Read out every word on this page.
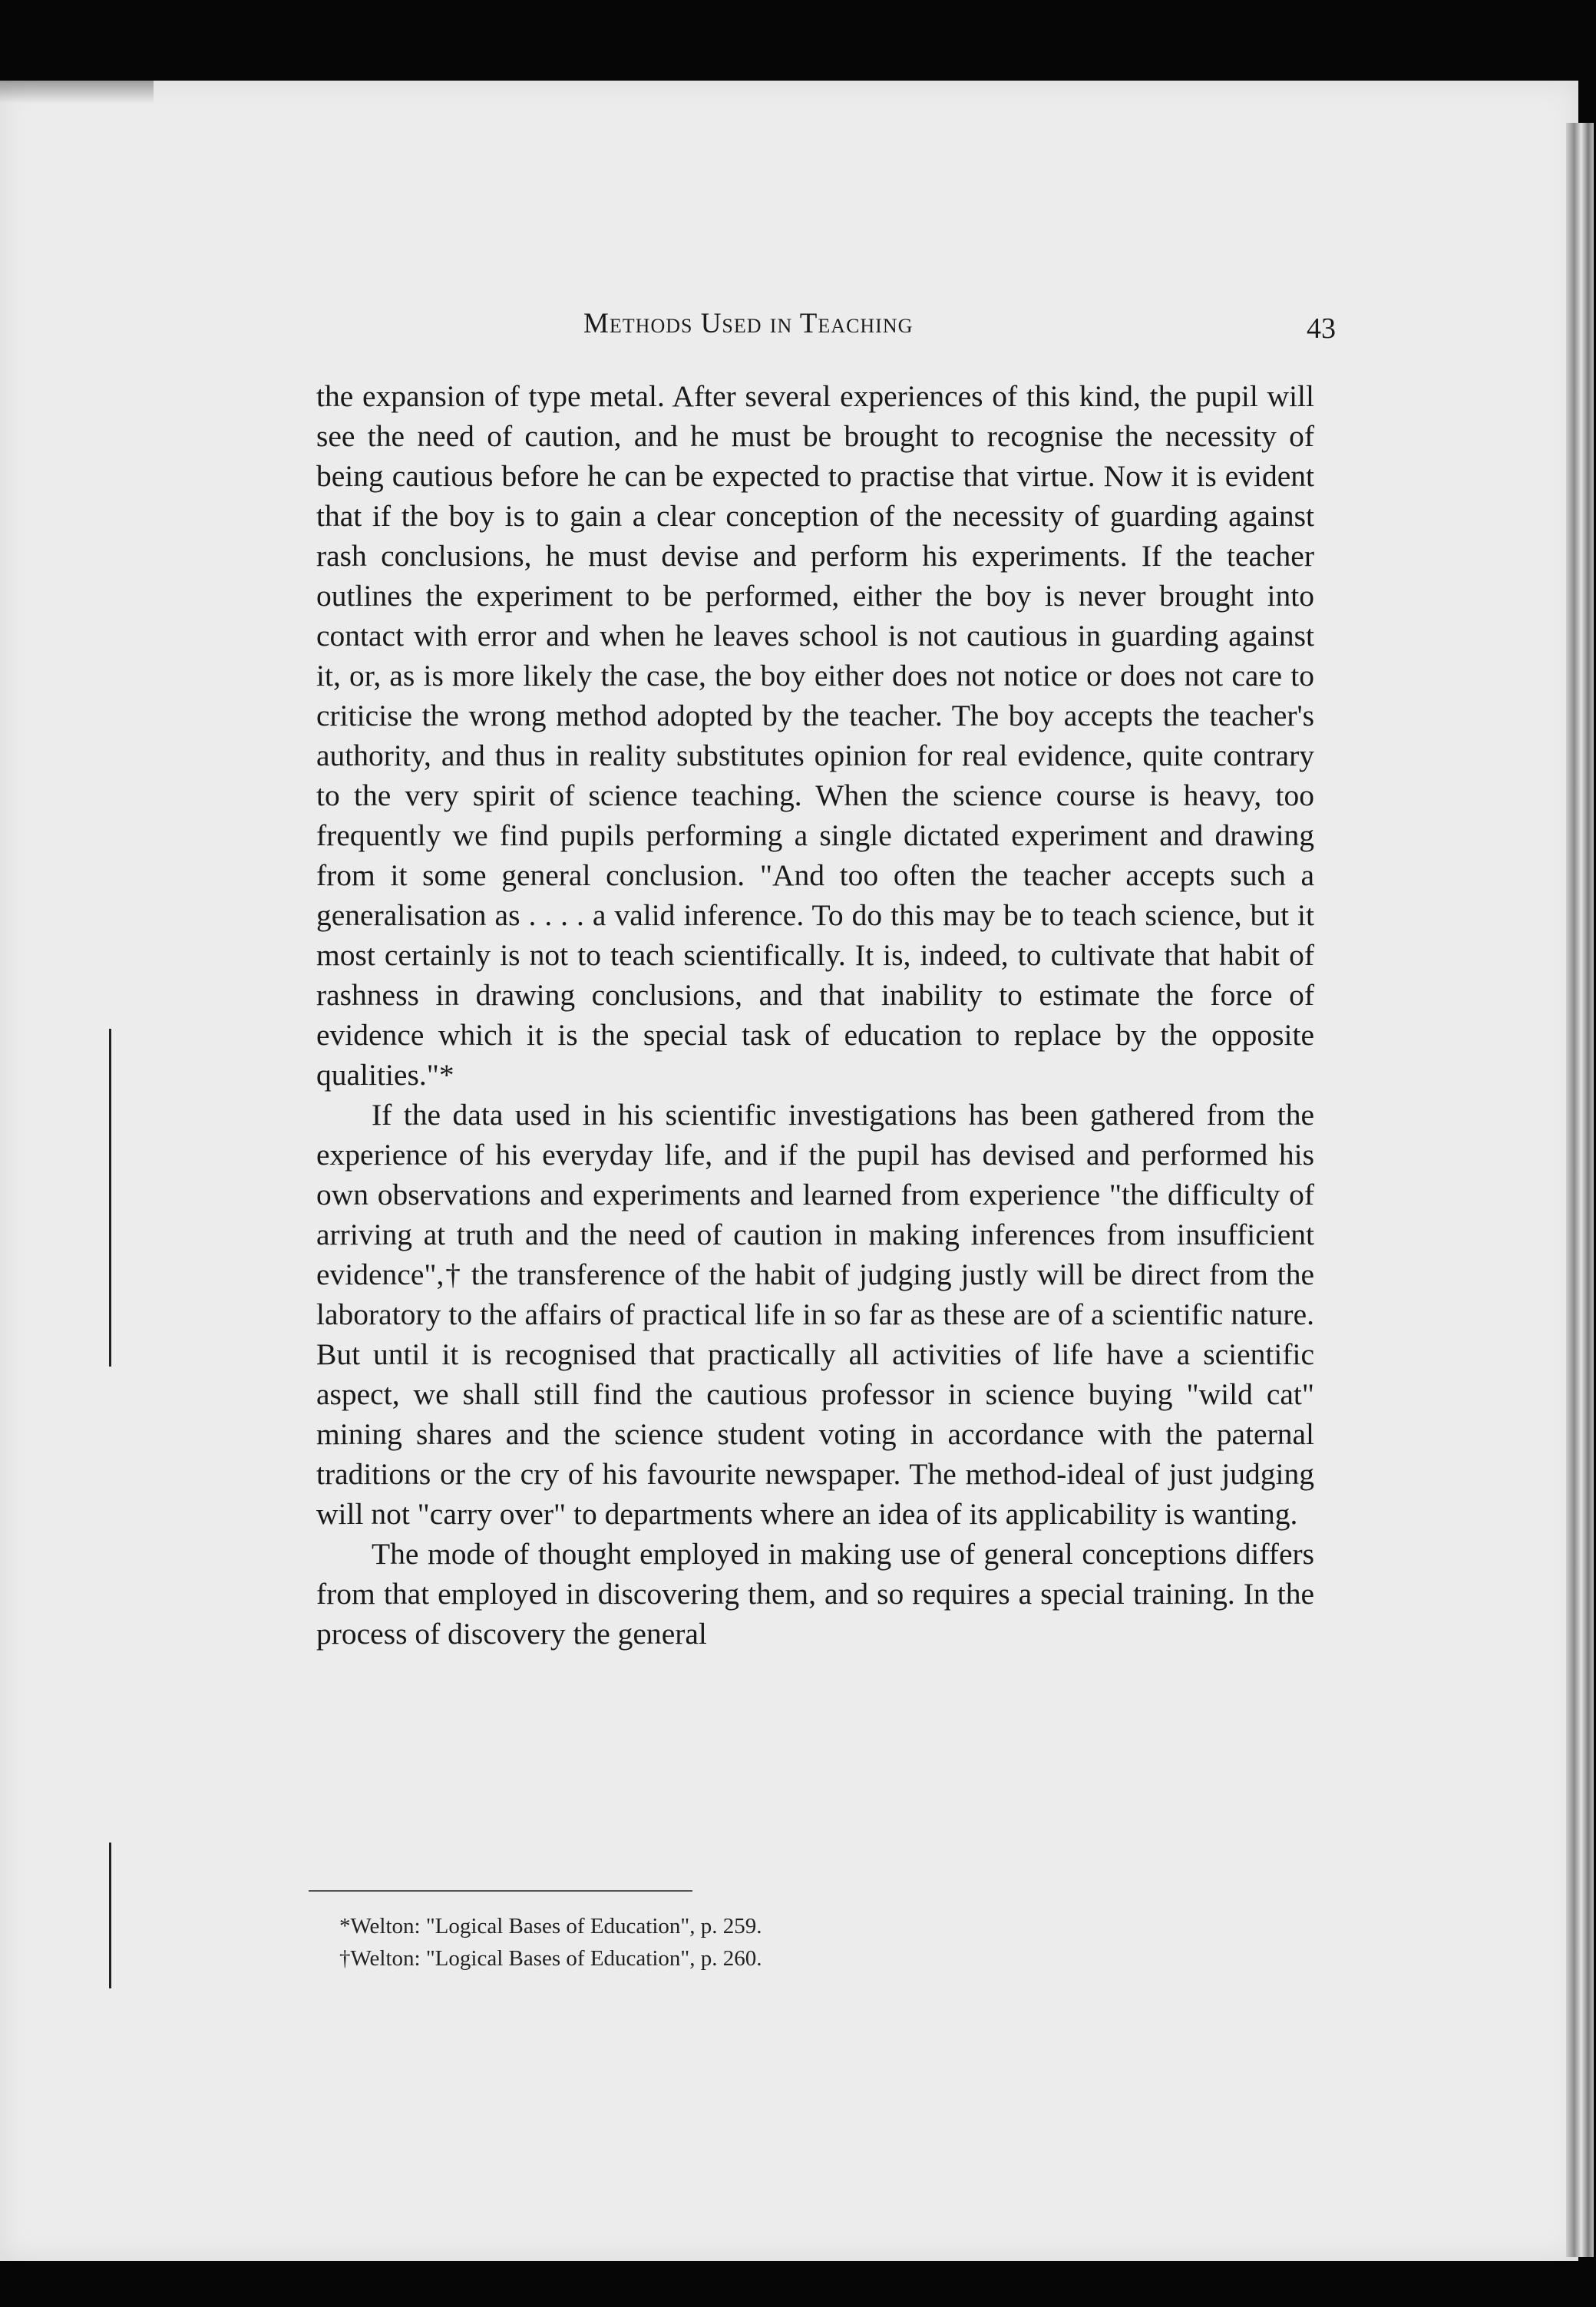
Methods Used in Teaching	43

the expansion of type metal. After several experiences of this kind, the pupil will see the need of caution, and he must be brought to recognise the necessity of being cautious before he can be expected to practise that virtue. Now it is evident that if the boy is to gain a clear conception of the necessity of guarding against rash conclusions, he must devise and perform his experiments. If the teacher outlines the experiment to be performed, either the boy is never brought into contact with error and when he leaves school is not cautious in guarding against it, or, as is more likely the case, the boy either does not notice or does not care to criticise the wrong method adopted by the teacher. The boy accepts the teacher's authority, and thus in reality substitutes opinion for real evidence, quite contrary to the very spirit of science teaching. When the science course is heavy, too frequently we find pupils performing a single dictated experiment and drawing from it some general conclusion. "And too often the teacher accepts such a generalisation as . . . . a valid inference. To do this may be to teach science, but it most certainly is not to teach scientifically. It is, indeed, to cultivate that habit of rashness in drawing conclusions, and that inability to estimate the force of evidence which it is the special task of education to replace by the opposite qualities."*

If the data used in his scientific investigations has been gathered from the experience of his everyday life, and if the pupil has devised and performed his own observations and experiments and learned from experience "the difficulty of arriving at truth and the need of caution in making inferences from insufficient evidence",† the transference of the habit of judging justly will be direct from the laboratory to the affairs of practical life in so far as these are of a scientific nature. But until it is recognised that practically all activities of life have a scientific aspect, we shall still find the cautious professor in science buying "wild cat" mining shares and the science student voting in accordance with the paternal traditions or the cry of his favourite newspaper. The method-ideal of just judging will not "carry over" to departments where an idea of its applicability is wanting.

The mode of thought employed in making use of general conceptions differs from that employed in discovering them, and so requires a special training. In the process of discovery the general

*Welton: "Logical Bases of Education", p. 259.
†Welton: "Logical Bases of Education", p. 260.
